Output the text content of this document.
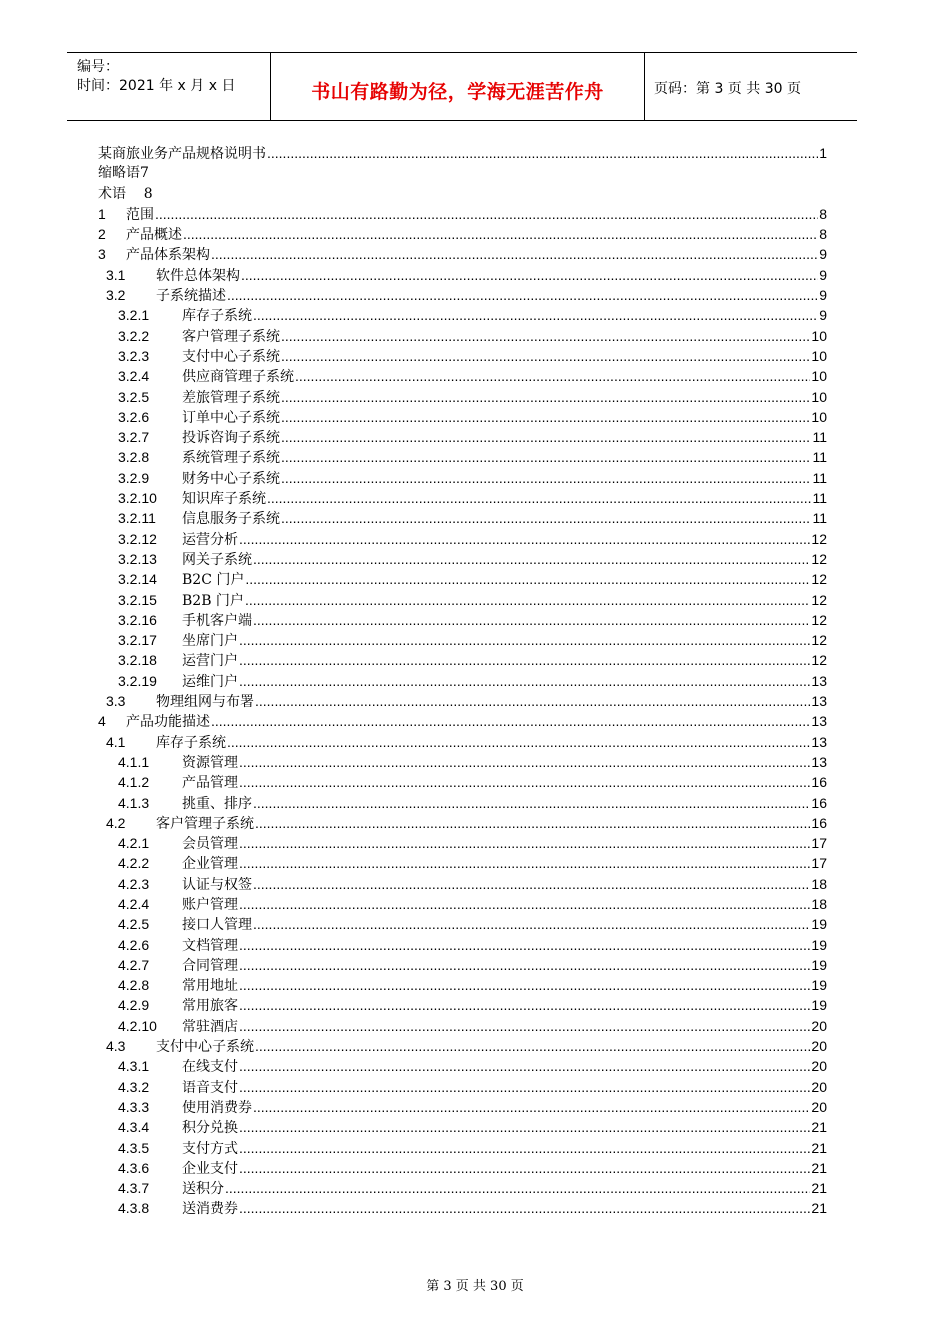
编号：
时间：2021 年 x 月 x 日	书山有路勤为径，学海无涯苦作舟	页码：第 3 页 共 30 页
某商旅业务产品规格说明书 .....	1
缩略语7
术语    8
1	范围 .....	8
2	产品概述 .....	8
3	产品体系架构 .....	9
3.1	软件总体架构 .....	9
3.2	子系统描述 .....	9
3.2.1	库存子系统 .....	9
3.2.2	客户管理子系统 .....	10
3.2.3	支付中心子系统 .....	10
3.2.4	供应商管理子系统 .....	10
3.2.5	差旅管理子系统 .....	10
3.2.6	订单中心子系统 .....	10
3.2.7	投诉咨询子系统 .....	11
3.2.8	系统管理子系统 .....	11
3.2.9	财务中心子系统 .....	11
3.2.10	知识库子系统 .....	11
3.2.11	信息服务子系统 .....	11
3.2.12	运营分析 .....	12
3.2.13	网关子系统 .....	12
3.2.14	B2C 门户 .....	12
3.2.15	B2B 门户 .....	12
3.2.16	手机客户端 .....	12
3.2.17	坐席门户 .....	12
3.2.18	运营门户 .....	12
3.2.19	运维门户 .....	13
3.3	物理组网与布署 .....	13
4	产品功能描述 .....	13
4.1	库存子系统 .....	13
4.1.1	资源管理 .....	13
4.1.2	产品管理 .....	16
4.1.3	挑重、排序 .....	16
4.2	客户管理子系统 .....	16
4.2.1	会员管理 .....	17
4.2.2	企业管理 .....	17
4.2.3	认证与权签 .....	18
4.2.4	账户管理 .....	18
4.2.5	接口人管理 .....	19
4.2.6	文档管理 .....	19
4.2.7	合同管理 .....	19
4.2.8	常用地址 .....	19
4.2.9	常用旅客 .....	19
4.2.10	常驻酒店 .....	20
4.3	支付中心子系统 .....	20
4.3.1	在线支付 .....	20
4.3.2	语音支付 .....	20
4.3.3	使用消费券 .....	20
4.3.4	积分兑换 .....	21
4.3.5	支付方式 .....	21
4.3.6	企业支付 .....	21
4.3.7	送积分 .....	21
4.3.8	送消费券 .....	21
第 3 页 共 30 页
